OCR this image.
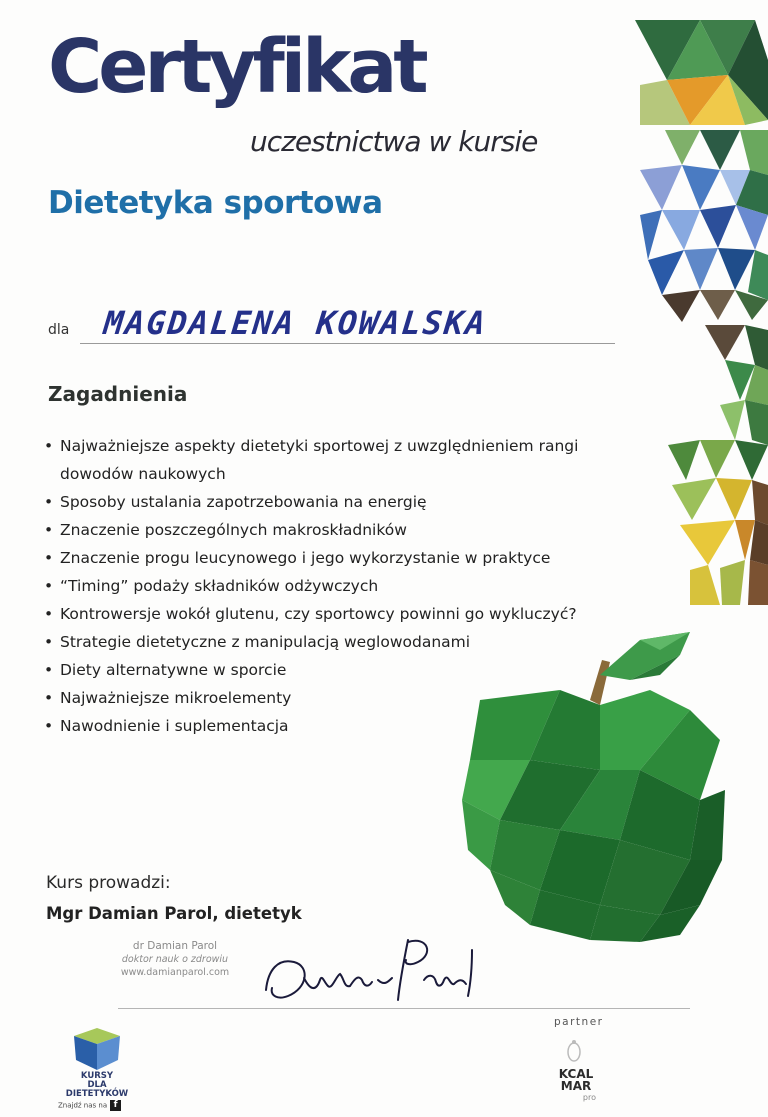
Certyfikat
uczestnictwa w kursie
Dietetyka sportowa
dla MAGDALENA KOWALSKA
Zagadnienia
• Najważniejsze aspekty dietetyki sportowej z uwzględnieniem rangi
dowodów naukowych
• Sposoby ustalania zapotrzebowania na energię
• Znaczenie poszczególnych makroskładników
• Znaczenie progu leucynowego i jego wykorzystanie w praktyce
• “Timing” podaży składników odżywczych
• Kontrowersje wokół glutenu, czy sportowcy powinni go wykluczyć?
• Strategie dietetyczne z manipulacją weglowodanami
• Diety alternatywne w sporcie
• Najważniejsze mikroelementy
• Nawodnienie i suplementacja
Kurs prowadzi:
Mgr Damian Parol, dietetyk
dr Damian Parol
doktor nauk o zdrowiu
www.damianparol.com
KURSY
DLA
DIETETYKÓW
Znajdź nas na f
partner
KCAL
MAR
pro
